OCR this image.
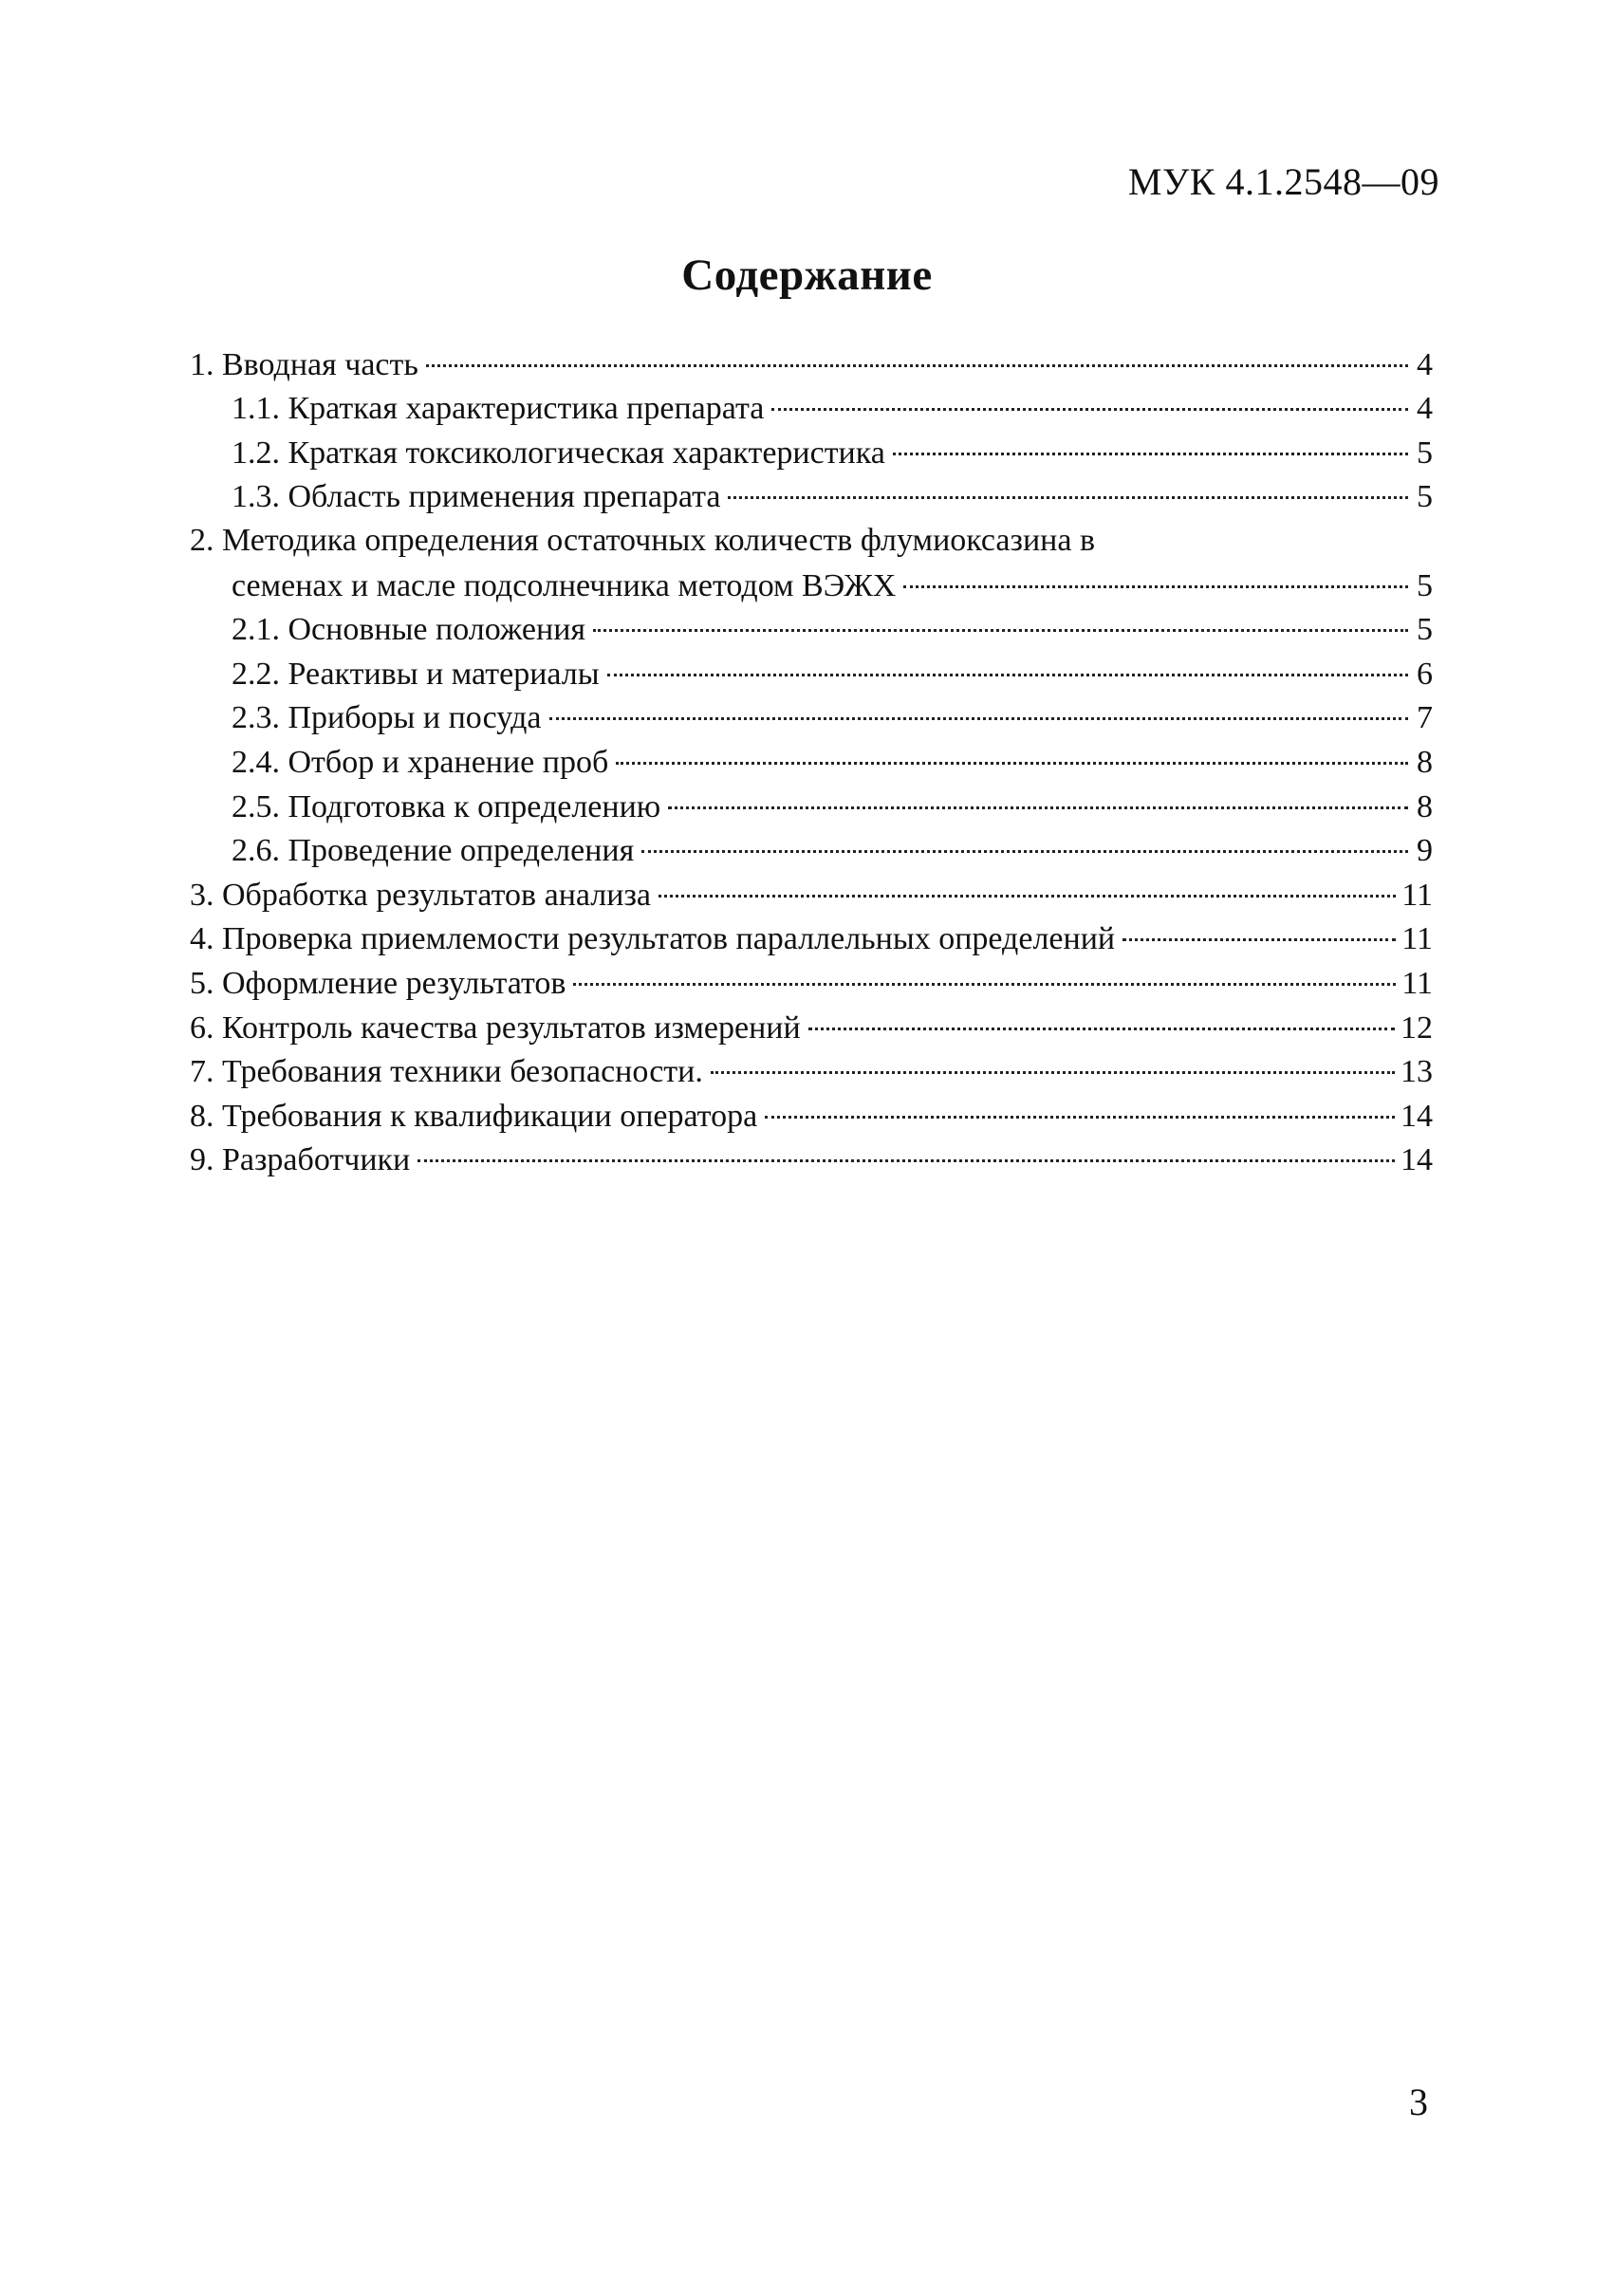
МУК 4.1.2548—09
Содержание
1. Вводная часть	4
1.1. Краткая характеристика препарата	4
1.2. Краткая токсикологическая характеристика	5
1.3. Область применения препарата	5
2. Методика определения остаточных количеств флумиоксазина в
семенах и масле подсолнечника методом ВЭЖХ	5
2.1. Основные положения	5
2.2. Реактивы и материалы	6
2.3. Приборы и посуда	7
2.4. Отбор и хранение проб	8
2.5. Подготовка к определению	8
2.6. Проведение определения	9
3. Обработка результатов анализа	11
4. Проверка приемлемости результатов параллельных определений	11
5. Оформление результатов	11
6. Контроль качества результатов измерений	12
7. Требования техники безопасности.	13
8. Требования к квалификации оператора	14
9. Разработчики	14
3
